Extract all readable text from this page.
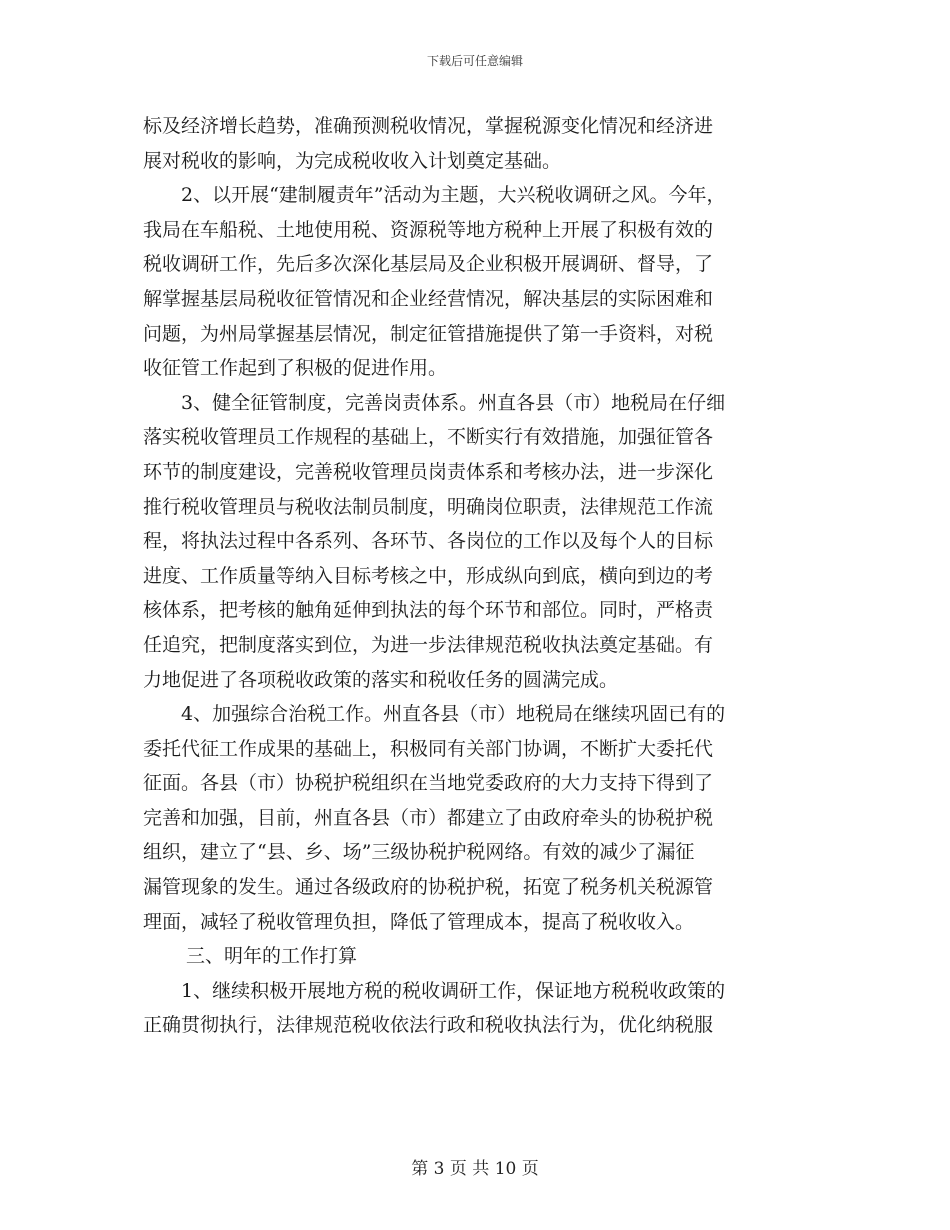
下载后可任意编辑
标及经济增长趋势，准确预测税收情况，掌握税源变化情况和经济进
展对税收的影响，为完成税收收入计划奠定基础。
2、以开展“建制履责年”活动为主题，大兴税收调研之风。今年，
我局在车船税、土地使用税、资源税等地方税种上开展了积极有效的
税收调研工作，先后多次深化基层局及企业积极开展调研、督导，了
解掌握基层局税收征管情况和企业经营情况，解决基层的实际困难和
问题，为州局掌握基层情况，制定征管措施提供了第一手资料，对税
收征管工作起到了积极的促进作用。
3、健全征管制度，完善岗责体系。州直各县（市）地税局在仔细
落实税收管理员工作规程的基础上，不断实行有效措施，加强征管各
环节的制度建设，完善税收管理员岗责体系和考核办法，进一步深化
推行税收管理员与税收法制员制度，明确岗位职责，法律规范工作流
程，将执法过程中各系列、各环节、各岗位的工作以及每个人的目标
进度、工作质量等纳入目标考核之中，形成纵向到底，横向到边的考
核体系，把考核的触角延伸到执法的每个环节和部位。同时，严格责
任追究，把制度落实到位，为进一步法律规范税收执法奠定基础。有
力地促进了各项税收政策的落实和税收任务的圆满完成。
4、加强综合治税工作。州直各县（市）地税局在继续巩固已有的
委托代征工作成果的基础上，积极同有关部门协调，不断扩大委托代
征面。各县（市）协税护税组织在当地党委政府的大力支持下得到了
完善和加强，目前，州直各县（市）都建立了由政府牵头的协税护税
组织，建立了“县、乡、场”三级协税护税网络。有效的减少了漏征
漏管现象的发生。通过各级政府的协税护税，拓宽了税务机关税源管
理面，减轻了税收管理负担，降低了管理成本，提高了税收收入。
三、明年的工作打算
1、继续积极开展地方税的税收调研工作，保证地方税税收政策的
正确贯彻执行，法律规范税收依法行政和税收执法行为，优化纳税服
第 3 页 共 10 页
